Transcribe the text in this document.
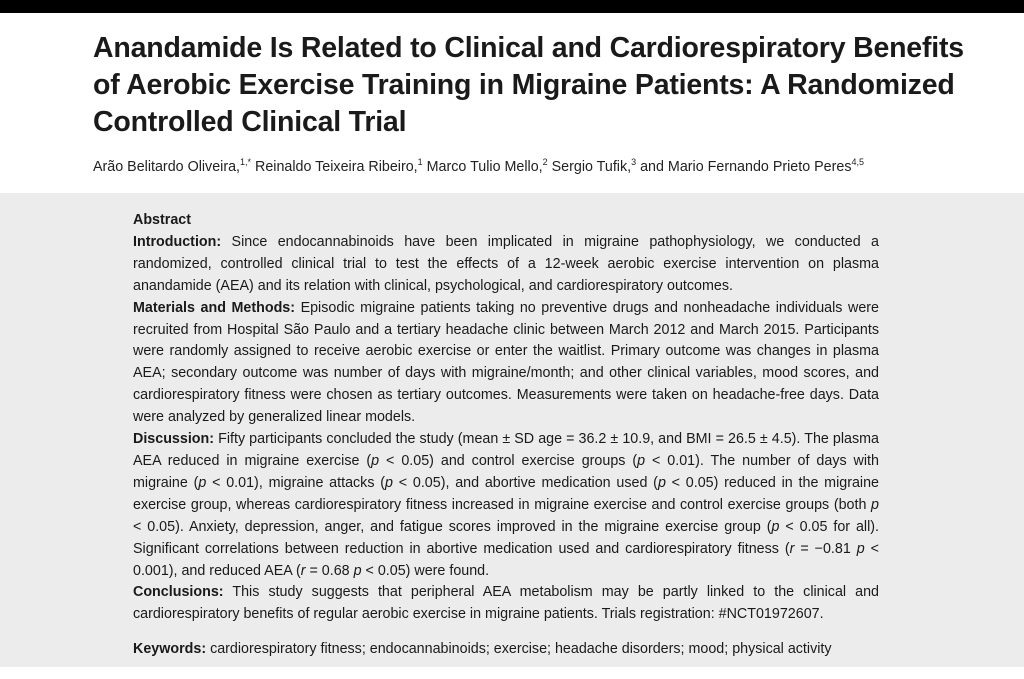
Anandamide Is Related to Clinical and Cardiorespiratory Benefits of Aerobic Exercise Training in Migraine Patients: A Randomized Controlled Clinical Trial
Arão Belitardo Oliveira,$^{1,*}$ Reinaldo Teixeira Ribeiro,$^1$ Marco Tulio Mello,$^2$ Sergio Tufik,$^3$ and Mario Fernando Prieto Peres$^{4,5}$

Abstract

Introduction: Since endocannabinoids have been implicated in migraine pathophysiology, we conducted a randomized, controlled clinical trial to test the effects of a 12-week aerobic exercise intervention on plasma anandamide (AEA) and its relation with clinical, psychological, and cardiorespiratory outcomes.

Materials and Methods: Episodic migraine patients taking no preventive drugs and nonheadache individuals were recruited from Hospital São Paulo and a tertiary headache clinic between March 2012 and March 2015. Participants were randomly assigned to receive aerobic exercise or enter the waitlist. Primary outcome was changes in plasma AEA; secondary outcome was number of days with migraine/month; and other clinical variables, mood scores, and cardiorespiratory fitness were chosen as tertiary outcomes. Measurements were taken on headache-free days. Data were analyzed by generalized linear models.

Discussion: Fifty participants concluded the study (mean ± SD age = 36.2 ± 10.9, and BMI = 26.5 ± 4.5). The plasma AEA reduced in migraine exercise (p < 0.05) and control exercise groups (p < 0.01). The number of days with migraine (p < 0.01), migraine attacks (p < 0.05), and abortive medication used (p < 0.05) reduced in the migraine exercise group, whereas cardiorespiratory fitness increased in migraine exercise and control exercise groups (both p < 0.05). Anxiety, depression, anger, and fatigue scores improved in the migraine exercise group (p < 0.05 for all). Significant correlations between reduction in abortive medication used and cardiorespiratory fitness (r = −0.81 p < 0.001), and reduced AEA (r = 0.68 p < 0.05) were found.

Conclusions: This study suggests that peripheral AEA metabolism may be partly linked to the clinical and cardiorespiratory benefits of regular aerobic exercise in migraine patients. Trials registration: #NCT01972607.

Keywords: cardiorespiratory fitness; endocannabinoids; exercise; headache disorders; mood; physical activity
